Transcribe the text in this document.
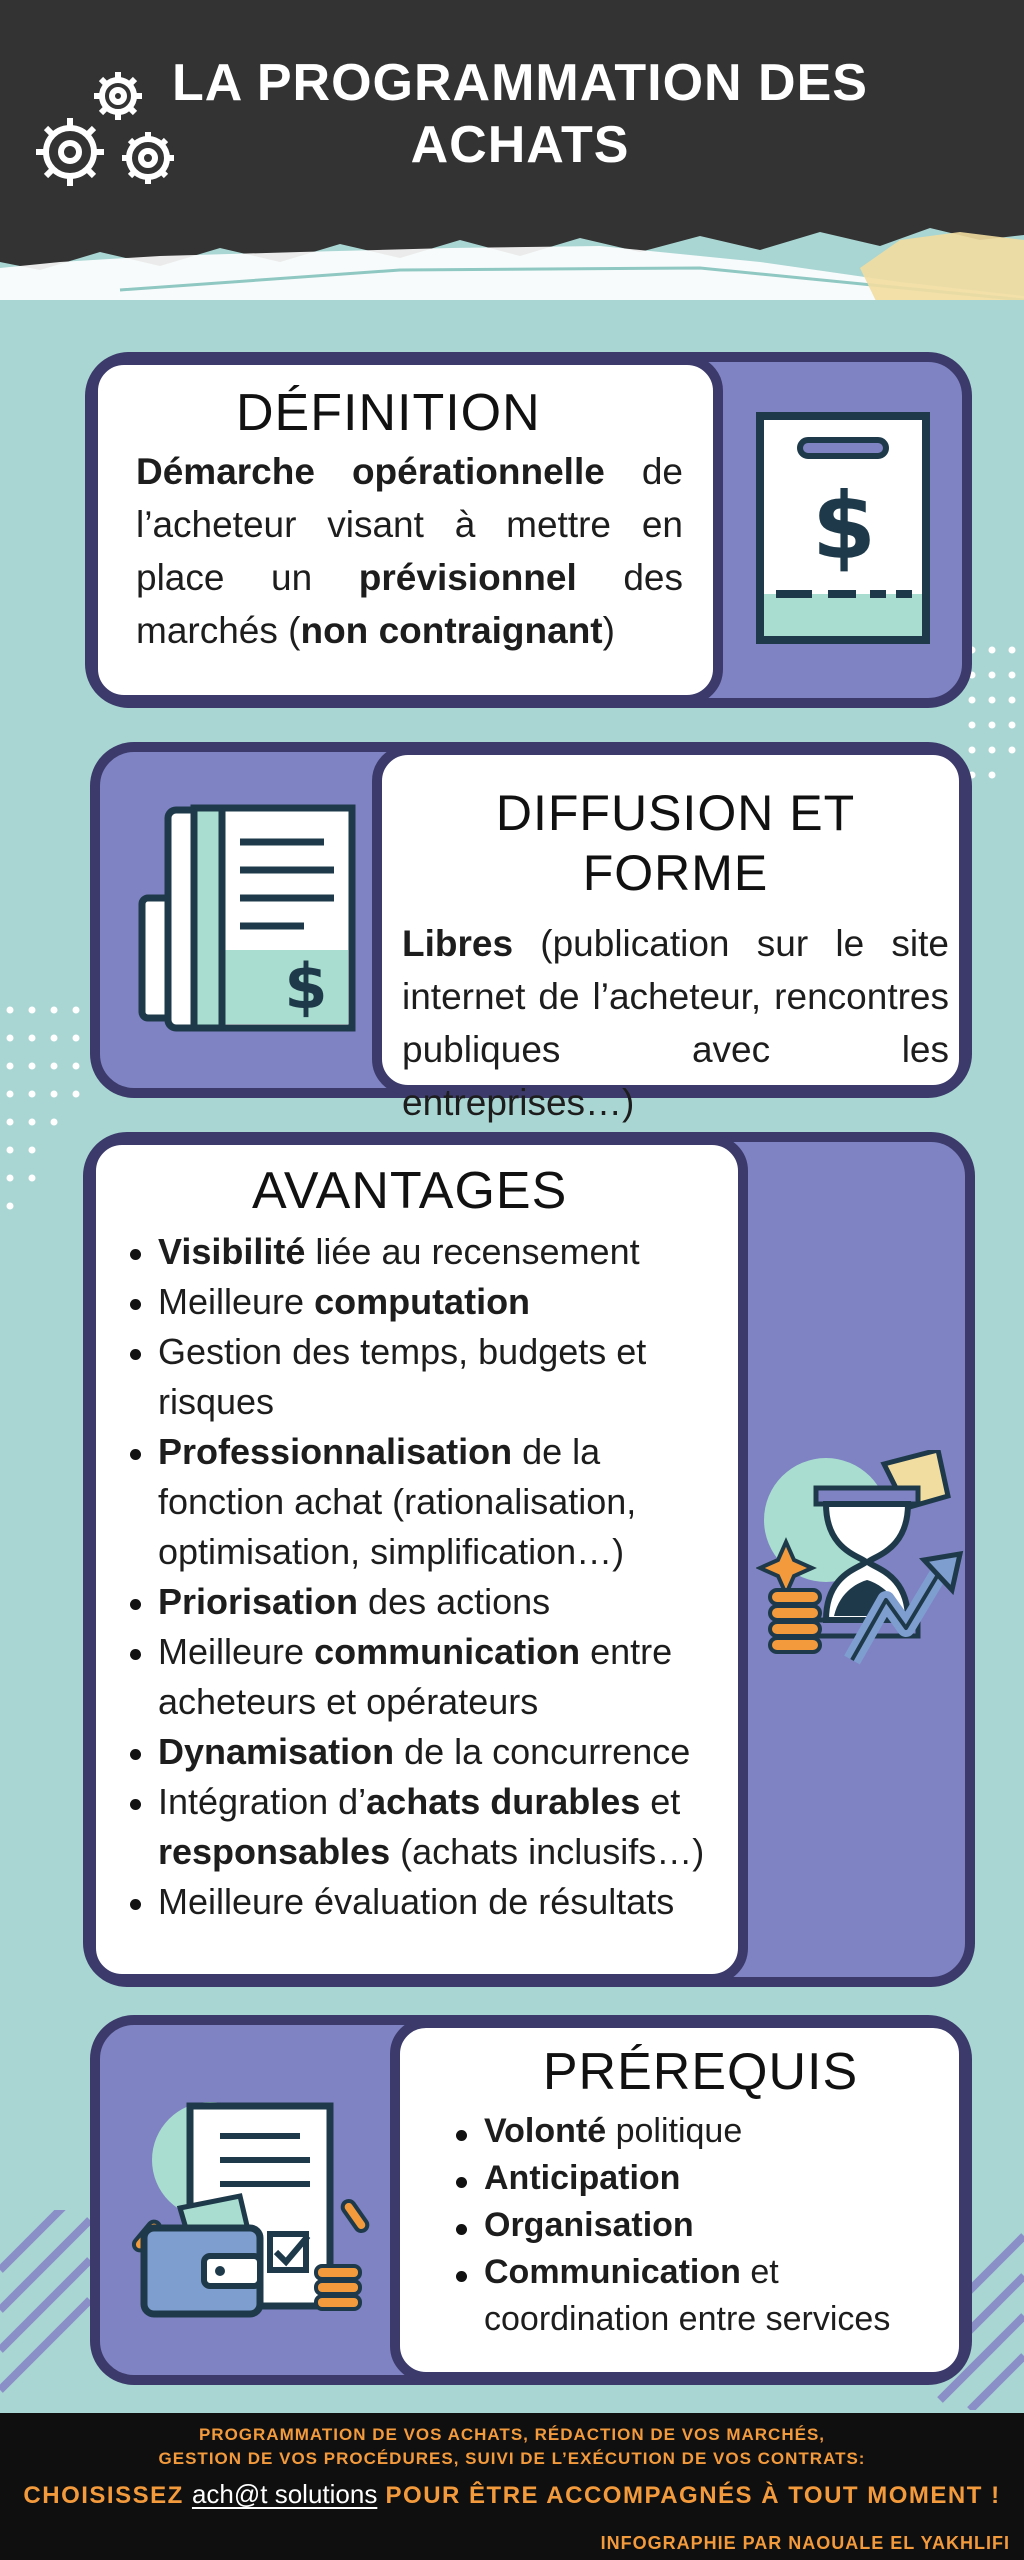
LA PROGRAMMATION DES
ACHATS
DÉFINITION

Démarche opérationnelle de l’acheteur visant à mettre en place un prévisionnel des marchés (non contraignant)

$
DIFFUSION ET FORME

Libres (publication sur le site internet de l’acheteur, rencontres publiques avec les entreprises…)

$
AVANTAGES
Visibilité liée au recensement
Meilleure computation
Gestion des temps, budgets et risques
Professionnalisation de la fonction achat (rationalisation, optimisation, simplification…)
Priorisation des actions
Meilleure communication entre acheteurs et opérateurs
Dynamisation de la concurrence
Intégration d’achats durables et responsables (achats inclusifs…)
Meilleure évaluation de résultats
PRÉREQUIS
Volonté politique
Anticipation
Organisation
Communication et coordination entre services
PROGRAMMATION DE VOS ACHATS, RÉDACTION DE VOS MARCHÉS,
GESTION DE VOS PROCÉDURES, SUIVI DE L’EXÉCUTION DE VOS CONTRATS:
CHOISISSEZ ach@t solutions POUR ÊTRE ACCOMPAGNÉS À TOUT MOMENT !
INFOGRAPHIE PAR NAOUALE EL YAKHLIFI
